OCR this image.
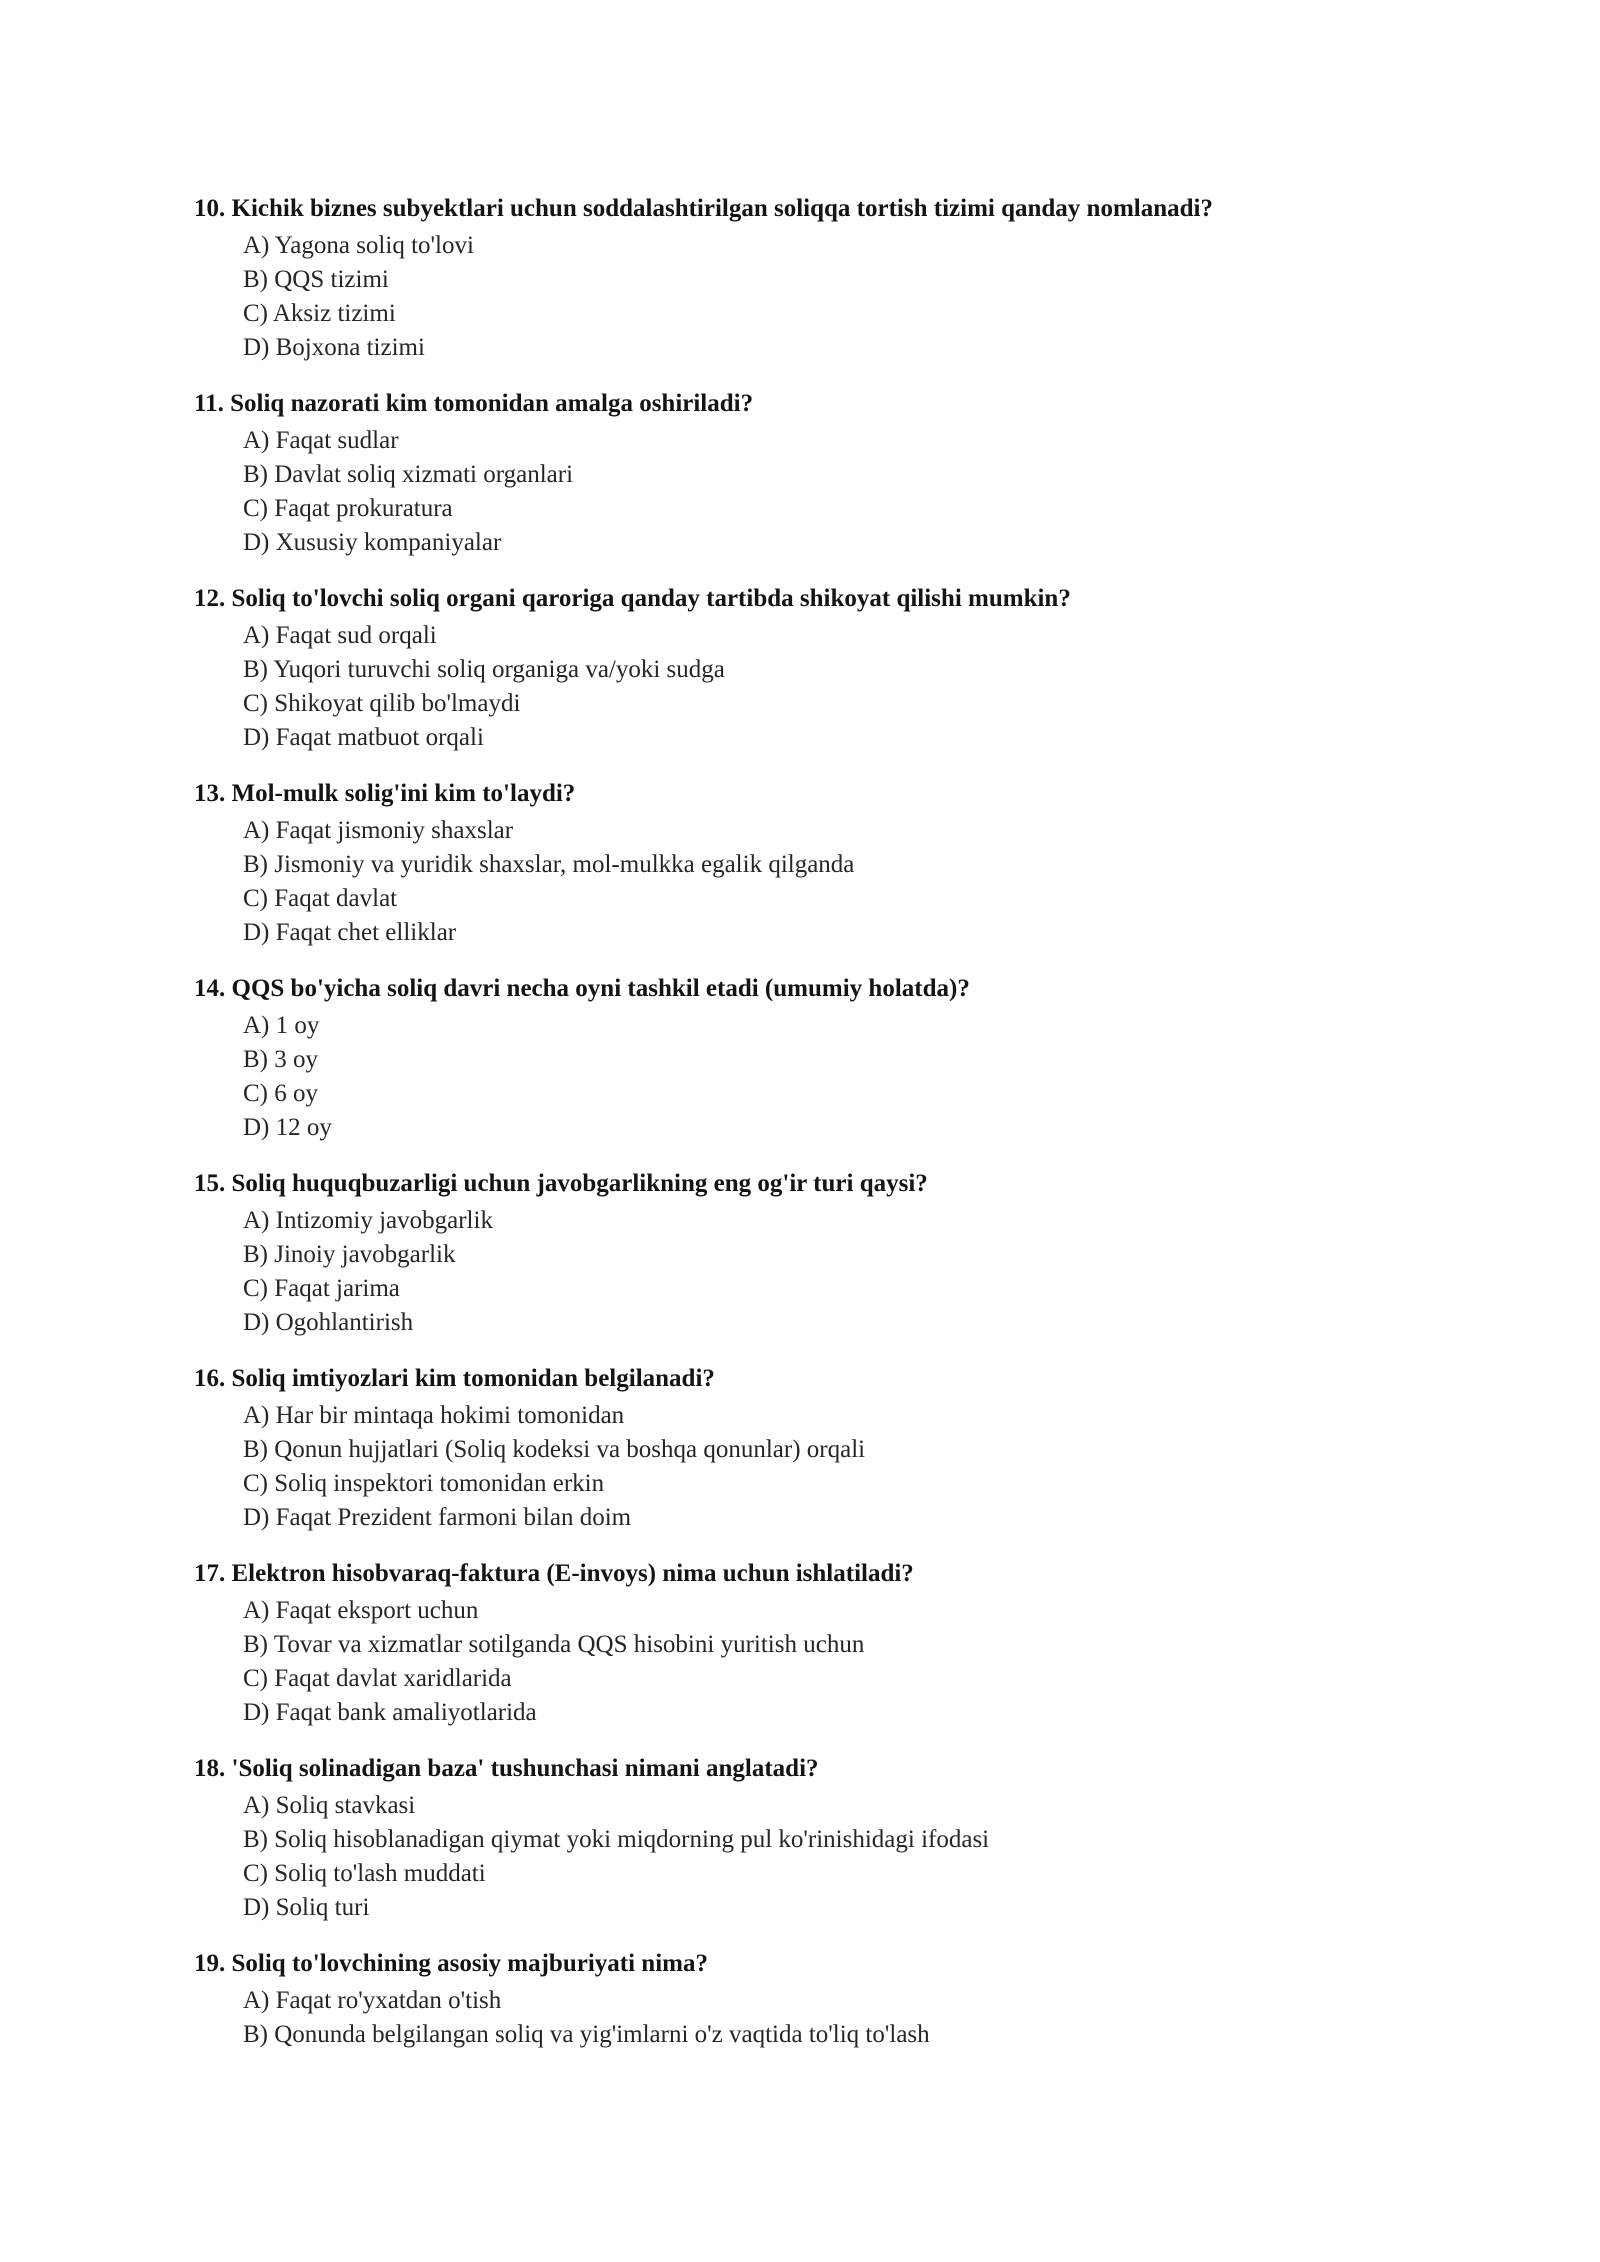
10. Kichik biznes subyektlari uchun soddalashtirilgan soliqqa tortish tizimi qanday nomlanadi?
A) Yagona soliq to'lovi
B) QQS tizimi
C) Aksiz tizimi
D) Bojxona tizimi
11. Soliq nazorati kim tomonidan amalga oshiriladi?
A) Faqat sudlar
B) Davlat soliq xizmati organlari
C) Faqat prokuratura
D) Xususiy kompaniyalar
12. Soliq to'lovchi soliq organi qaroriga qanday tartibda shikoyat qilishi mumkin?
A) Faqat sud orqali
B) Yuqori turuvchi soliq organiga va/yoki sudga
C) Shikoyat qilib bo'lmaydi
D) Faqat matbuot orqali
13. Mol-mulk solig'ini kim to'laydi?
A) Faqat jismoniy shaxslar
B) Jismoniy va yuridik shaxslar, mol-mulkka egalik qilganda
C) Faqat davlat
D) Faqat chet elliklar
14. QQS bo'yicha soliq davri necha oyni tashkil etadi (umumiy holatda)?
A) 1 oy
B) 3 oy
C) 6 oy
D) 12 oy
15. Soliq huquqbuzarligi uchun javobgarlikning eng og'ir turi qaysi?
A) Intizomiy javobgarlik
B) Jinoiy javobgarlik
C) Faqat jarima
D) Ogohlantirish
16. Soliq imtiyozlari kim tomonidan belgilanadi?
A) Har bir mintaqa hokimi tomonidan
B) Qonun hujjatlari (Soliq kodeksi va boshqa qonunlar) orqali
C) Soliq inspektori tomonidan erkin
D) Faqat Prezident farmoni bilan doim
17. Elektron hisobvaraq-faktura (E-invoys) nima uchun ishlatiladi?
A) Faqat eksport uchun
B) Tovar va xizmatlar sotilganda QQS hisobini yuritish uchun
C) Faqat davlat xaridlarida
D) Faqat bank amaliyotlarida
18. 'Soliq solinadigan baza' tushunchasi nimani anglatadi?
A) Soliq stavkasi
B) Soliq hisoblanadigan qiymat yoki miqdorning pul ko'rinishidagi ifodasi
C) Soliq to'lash muddati
D) Soliq turi
19. Soliq to'lovchining asosiy majburiyati nima?
A) Faqat ro'yxatdan o'tish
B) Qonunda belgilangan soliq va yig'imlarni o'z vaqtida to'liq to'lash
